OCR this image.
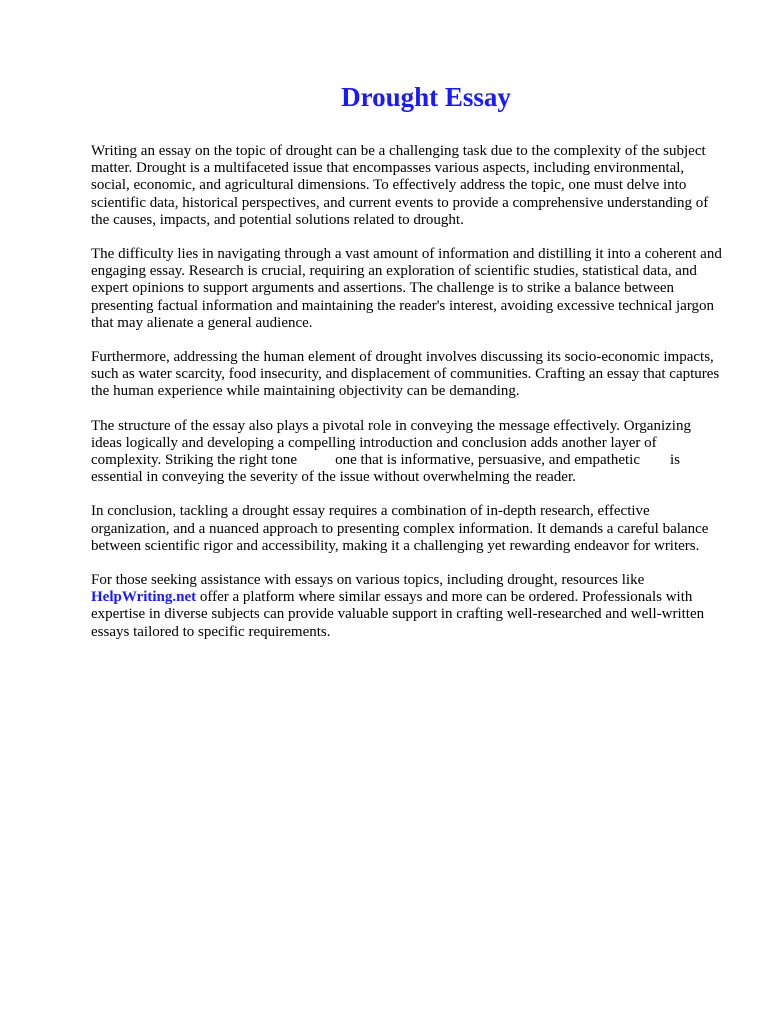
Drought Essay

Writing an essay on the topic of drought can be a challenging task due to the complexity of the subject matter. Drought is a multifaceted issue that encompasses various aspects, including environmental, social, economic, and agricultural dimensions. To effectively address the topic, one must delve into scientific data, historical perspectives, and current events to provide a comprehensive understanding of the causes, impacts, and potential solutions related to drought.

The difficulty lies in navigating through a vast amount of information and distilling it into a coherent and engaging essay. Research is crucial, requiring an exploration of scientific studies, statistical data, and expert opinions to support arguments and assertions. The challenge is to strike a balance between presenting factual information and maintaining the reader's interest, avoiding excessive technical jargon that may alienate a general audience.

Furthermore, addressing the human element of drought involves discussing its socio-economic impacts, such as water scarcity, food insecurity, and displacement of communities. Crafting an essay that captures the human experience while maintaining objectivity can be demanding.

The structure of the essay also plays a pivotal role in conveying the message effectively. Organizing ideas logically and developing a compelling introduction and conclusion adds another layer of complexity. Striking the right tone	one that is informative, persuasive, and empathetic is essential in conveying the severity of the issue without overwhelming the reader.

In conclusion, tackling a drought essay requires a combination of in-depth research, effective organization, and a nuanced approach to presenting complex information. It demands a careful balance between scientific rigor and accessibility, making it a challenging yet rewarding endeavor for writers.

For those seeking assistance with essays on various topics, including drought, resources like HelpWriting.net offer a platform where similar essays and more can be ordered. Professionals with expertise in diverse subjects can provide valuable support in crafting well-researched and well-written essays tailored to specific requirements.
